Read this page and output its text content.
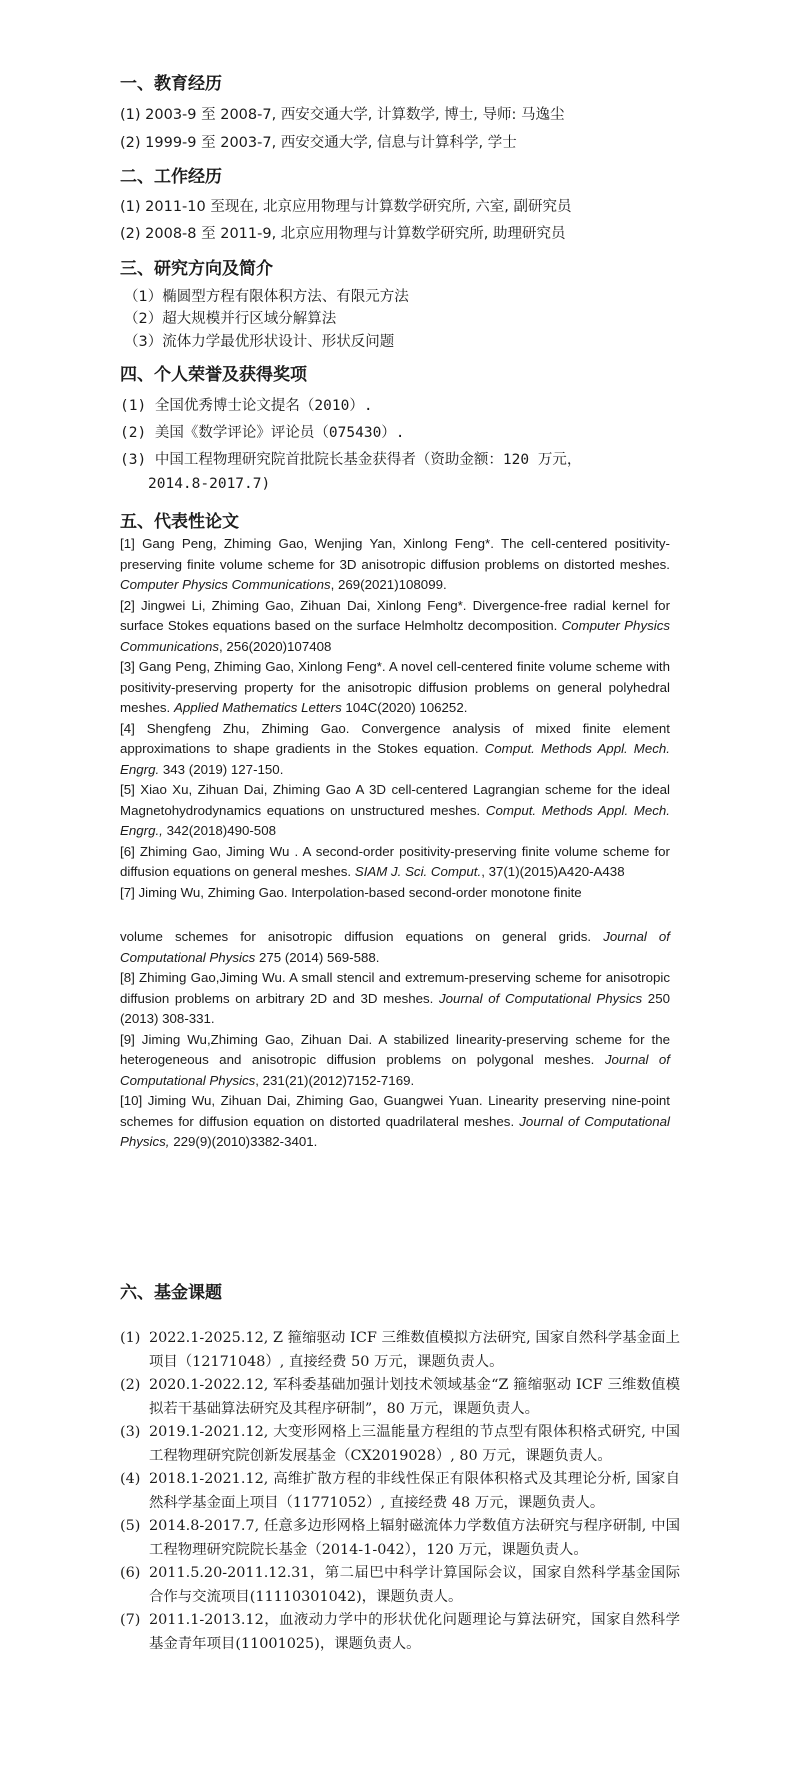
一、教育经历

(1) 2003-9 至 2008-7, 西安交通大学, 计算数学, 博士, 导师: 马逸尘

(2) 1999-9 至 2003-7, 西安交通大学, 信息与计算科学, 学士

二、工作经历

(1) 2011-10 至现在, 北京应用物理与计算数学研究所, 六室, 副研究员

(2) 2008-8 至 2011-9, 北京应用物理与计算数学研究所, 助理研究员

三、研究方向及简介

（1）椭圆型方程有限体积方法、有限元方法

（2）超大规模并行区域分解算法

（3）流体力学最优形状设计、形状反问题

四、个人荣誉及获得奖项

(1) 全国优秀博士论文提名（2010）.

(2) 美国《数学评论》评论员（075430）.

(3) 中国工程物理研究院首批院长基金获得者（资助金额：120 万元，

2014.8-2017.7)

五、代表性论文

[1] Gang Peng, Zhiming Gao, Wenjing Yan, Xinlong Feng*. The cell-centered positivity-preserving finite volume scheme for 3D anisotropic diffusion problems on distorted meshes. Computer Physics Communications, 269(2021)108099.

[2] Jingwei Li, Zhiming Gao, Zihuan Dai, Xinlong Feng*. Divergence-free radial kernel for surface Stokes equations based on the surface Helmholtz decomposition. Computer Physics Communications, 256(2020)107408

[3] Gang Peng, Zhiming Gao, Xinlong Feng*. A novel cell-centered finite volume scheme with positivity-preserving property for the anisotropic diffusion problems on general polyhedral meshes. Applied Mathematics Letters 104C(2020) 106252.

[4] Shengfeng Zhu, Zhiming Gao. Convergence analysis of mixed finite element approximations to shape gradients in the Stokes equation. Comput. Methods Appl. Mech. Engrg. 343 (2019) 127-150.

[5] Xiao Xu, Zihuan Dai, Zhiming Gao A 3D cell-centered Lagrangian scheme for the ideal Magnetohydrodynamics equations on unstructured meshes. Comput. Methods Appl. Mech. Engrg., 342(2018)490-508

[6] Zhiming Gao, Jiming Wu . A second-order positivity-preserving finite volume scheme for diffusion equations on general meshes. SIAM J. Sci. Comput., 37(1)(2015)A420-A438

[7] Jiming Wu, Zhiming Gao. Interpolation-based second-order monotone finite

volume schemes for anisotropic diffusion equations on general grids. Journal of Computational Physics 275 (2014) 569-588.

[8] Zhiming Gao,Jiming Wu. A small stencil and extremum-preserving scheme for anisotropic diffusion problems on arbitrary 2D and 3D meshes. Journal of Computational Physics 250 (2013) 308-331.

[9] Jiming Wu,Zhiming Gao, Zihuan Dai. A stabilized linearity-preserving scheme for the heterogeneous and anisotropic diffusion problems on polygonal meshes. Journal of Computational Physics, 231(21)(2012)7152-7169.

[10] Jiming Wu, Zihuan Dai, Zhiming Gao, Guangwei Yuan. Linearity preserving nine-point schemes for diffusion equation on distorted quadrilateral meshes. Journal of Computational Physics, 229(9)(2010)3382-3401.

六、基金课题
(1) 2022.1-2025.12, Z 箍缩驱动 ICF 三维数值模拟方法研究, 国家自然科学基金面上项目（12171048）, 直接经费 50 万元，课题负责人。
(2) 2020.1-2022.12, 军科委基础加强计划技术领域基金“Z 箍缩驱动 ICF 三维数值模拟若干基础算法研究及其程序研制”，80 万元，课题负责人。
(3) 2019.1-2021.12, 大变形网格上三温能量方程组的节点型有限体积格式研究, 中国工程物理研究院创新发展基金（CX2019028）, 80 万元，课题负责人。
(4) 2018.1-2021.12, 高维扩散方程的非线性保正有限体积格式及其理论分析, 国家自然科学基金面上项目（11771052）, 直接经费 48 万元，课题负责人。
(5) 2014.8-2017.7, 任意多边形网格上辐射磁流体力学数值方法研究与程序研制, 中国工程物理研究院院长基金（2014-1-042），120 万元，课题负责人。
(6) 2011.5.20-2011.12.31，第二届巴中科学计算国际会议，国家自然科学基金国际合作与交流项目(11110301042)，课题负责人。
(7) 2011.1-2013.12，血液动力学中的形状优化问题理论与算法研究，国家自然科学基金青年项目(11001025)，课题负责人。
